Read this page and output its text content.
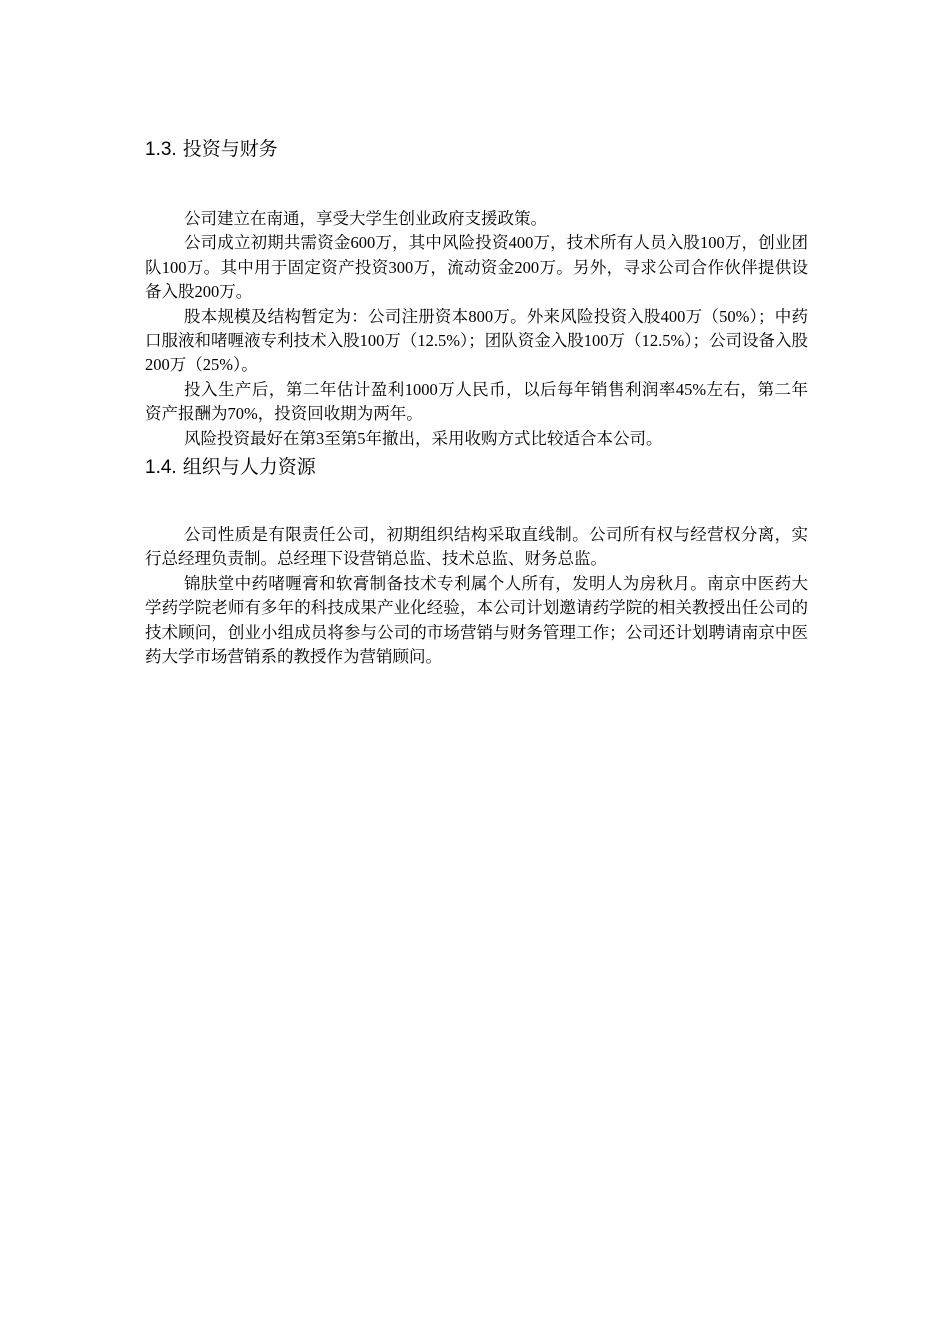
1.3. 投资与财务

公司建立在南通，享受大学生创业政府支援政策。

公司成立初期共需资金600万，其中风险投资400万，技术所有人员入股100万，创业团队100万。其中用于固定资产投资300万，流动资金200万。另外，寻求公司合作伙伴提供设备入股200万。

股本规模及结构暂定为：公司注册资本800万。外来风险投资入股400万（50%）；中药口服液和啫喱液专利技术入股100万（12.5%）；团队资金入股100万（12.5%）；公司设备入股200万（25%）。

投入生产后，第二年估计盈利1000万人民币，以后每年销售利润率45%左右，第二年资产报酬为70%，投资回收期为两年。

风险投资最好在第3至第5年撤出，采用收购方式比较适合本公司。

1.4. 组织与人力资源

公司性质是有限责任公司，初期组织结构采取直线制。公司所有权与经营权分离，实行总经理负责制。总经理下设营销总监、技术总监、财务总监。

锦肤堂中药啫喱膏和软膏制备技术专利属个人所有，发明人为房秋月。南京中医药大学药学院老师有多年的科技成果产业化经验，本公司计划邀请药学院的相关教授出任公司的技术顾问，创业小组成员将参与公司的市场营销与财务管理工作；公司还计划聘请南京中医药大学市场营销系的教授作为营销顾问。
